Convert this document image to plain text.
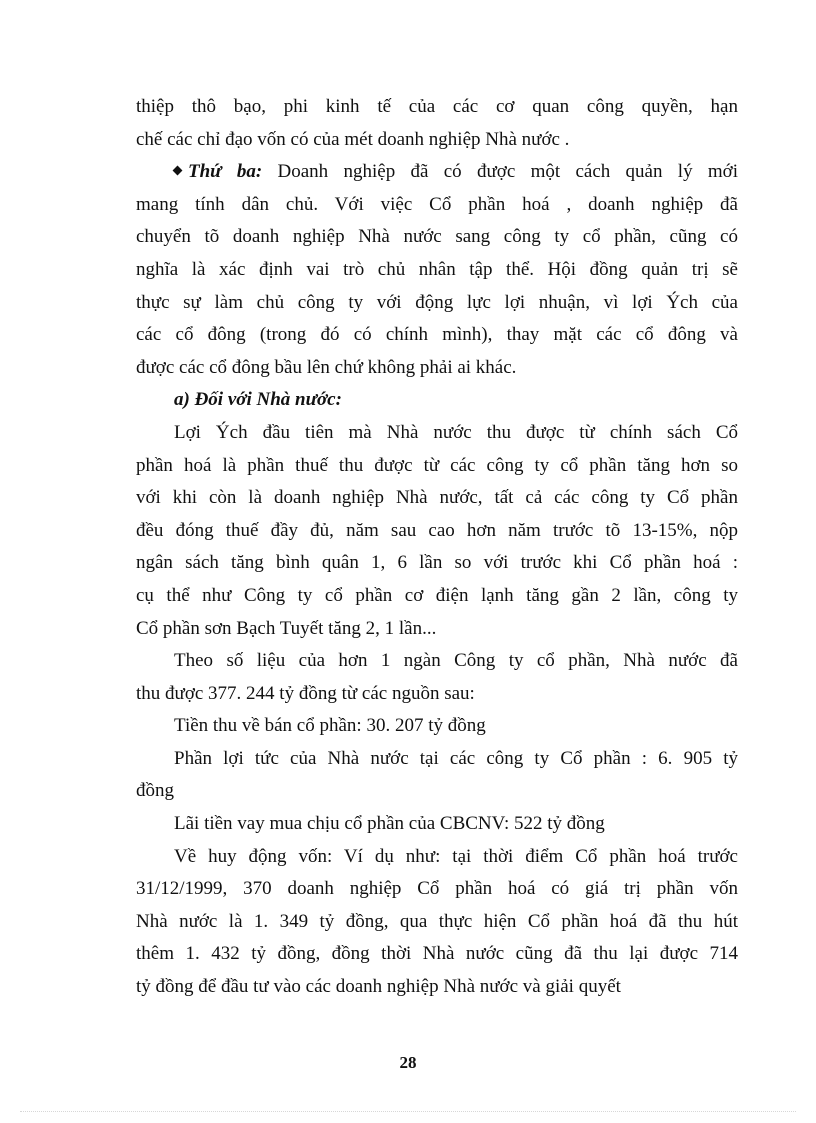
thiệp thô bạo, phi kinh tế của các cơ quan công quyền, hạn
chế các chỉ đạo vốn có của mét doanh nghiệp Nhà nước .
Thứ ba: Doanh nghiệp đã có được một cách quản lý mới
mang tính dân chủ. Với việc Cổ phần hoá , doanh nghiệp đã
chuyển tõ doanh nghiệp Nhà nước sang công ty cổ phần, cũng có
nghĩa là xác định vai trò chủ nhân tập thể. Hội đồng quản trị sẽ
thực sự làm chủ công ty với động lực lợi nhuận, vì lợi Ých của
các cổ đông (trong đó có chính mình), thay mặt các cổ đông và
được các cổ đông bầu lên chứ không phải ai khác.
a) Đối với Nhà nước:
Lợi Ých đầu tiên mà Nhà nước thu được từ chính sách Cổ
phần hoá là phần thuế thu được từ các công ty cổ phần tăng hơn so
với khi còn là doanh nghiệp Nhà nước, tất cả các công ty Cổ phần
đều đóng thuế đầy đủ, năm sau cao hơn năm trước tõ 13-15%, nộp
ngân sách tăng bình quân 1, 6 lần so với trước khi Cổ phần hoá :
cụ thể như Công ty cổ phần cơ điện lạnh tăng gần 2 lần, công ty
Cổ phần sơn Bạch Tuyết tăng 2, 1 lần...
Theo số liệu của hơn 1 ngàn Công ty cổ phần, Nhà nước đã
thu được 377. 244 tỷ đồng từ các nguồn sau:
Tiền thu về bán cổ phần: 30. 207 tỷ đồng
Phần lợi tức của Nhà nước tại các công ty Cổ phần : 6. 905 tỷ
đồng
Lãi tiền vay mua chịu cổ phần của CBCNV: 522 tỷ đồng
Về huy động vốn: Ví dụ như: tại thời điểm Cổ phần hoá trước
31/12/1999, 370 doanh nghiệp Cổ phần hoá có giá trị phần vốn
Nhà nước là 1. 349 tỷ đồng, qua thực hiện Cổ phần hoá đã thu hút
thêm 1. 432 tỷ đồng, đồng thời Nhà nước cũng đã thu lại được 714
tỷ đồng để đầu tư vào các doanh nghiệp Nhà nước và giải quyết
28
